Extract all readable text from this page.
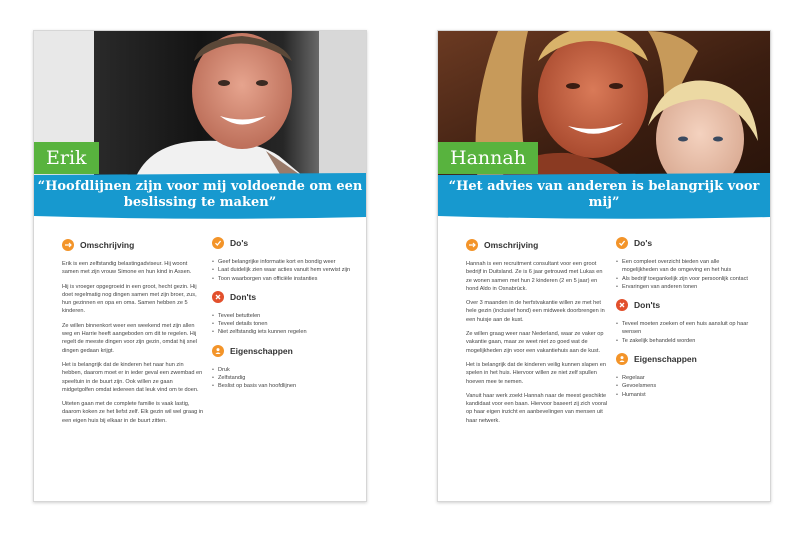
Erik
“Hoofdlijnen zijn voor mij voldoende om een beslissing te maken”
Omschrijving

Erik is een zelfstandig belastingadviseur. Hij woont samen met zijn vrouw Simone en hun kind in Assen.

Hij is vroeger opgegroeid in een groot, hecht gezin. Hij doet regelmatig nog dingen samen met zijn broer, zus, hun gezinnen en opa en oma. Samen hebben ze 5 kinderen.

Ze willen binnenkort weer een weekend met zijn allen weg en Harrie heeft aangeboden om dit te regelen. Hij regelt de meeste dingen voor zijn gezin, omdat hij snel dingen gedaan krijgt.

Het is belangrijk dat de kinderen het naar hun zin hebben, daarom moet er in ieder geval een zwembad en speeltuin in de buurt zijn. Ook willen ze gaan midgetgolfen omdat iedereen dat leuk vind om te doen.

Uiteten gaan met de complete familie is vaak lastig, daarom koken ze het liefst zelf. Elk gezin wil wel graag in een eigen huis bij elkaar in de buurt zitten.

Do's
• Geef belangrijke informatie kort en bondig weer
• Laat duidelijk zien waar acties vanuit hem verwist zijn
• Toon waarborgen van officiële instanties
Don'ts
• Teveel betuttelen
• Teveel details tonen
• Niet zelfstandig iets kunnen regelen
Eigenschappen
• Druk
• Zelfstandig
• Beslist op basis van hoofdlijnen
Hannah
“Het advies van anderen is belangrijk voor mij”
Omschrijving

Hannah is een recruitment consultant voor een groot bedrijf in Duitsland. Ze is 6 jaar getrouwd met Lukas en ze wonen samen met hun 2 kinderen (2 en 5 jaar) en hond Aldo in Osnabrück.

Over 3 maanden in de herfstvakantie willen ze met het hele gezin (inclusief hond) een midweek doorbrengen in een huisje aan de kust.

Ze willen graag weer naar Nederland, waar ze vaker op vakantie gaan, maar ze weet niet zo goed wat de mogelijkheden zijn voor een vakantiehuis aan de kust.

Het is belangrijk dat de kinderen veilig kunnen slapen en spelen in het huis. Hiervoor willen ze niet zelf spullen hoeven mee te nemen.

Vanuit haar werk zoekt Hannah naar de meest geschikte kandidaat voor een baan. Hiervoor baseert zij zich vooral op haar eigen inzicht en aanbevelingen van mensen uit haar netwerk.

Do's
• Een compleet overzicht bieden van alle mogelijkheden van de omgeving en het huis
• Als bedrijf toegankelijk zijn voor persoonlijk contact
• Ervaringen van anderen tonen
Don'ts
• Teveel moeten zoeken of een huis aansluit op haar wensen
• Te zakelijk behandeld worden
Eigenschappen
• Regelaar
• Gevoelsmens
• Humanist
